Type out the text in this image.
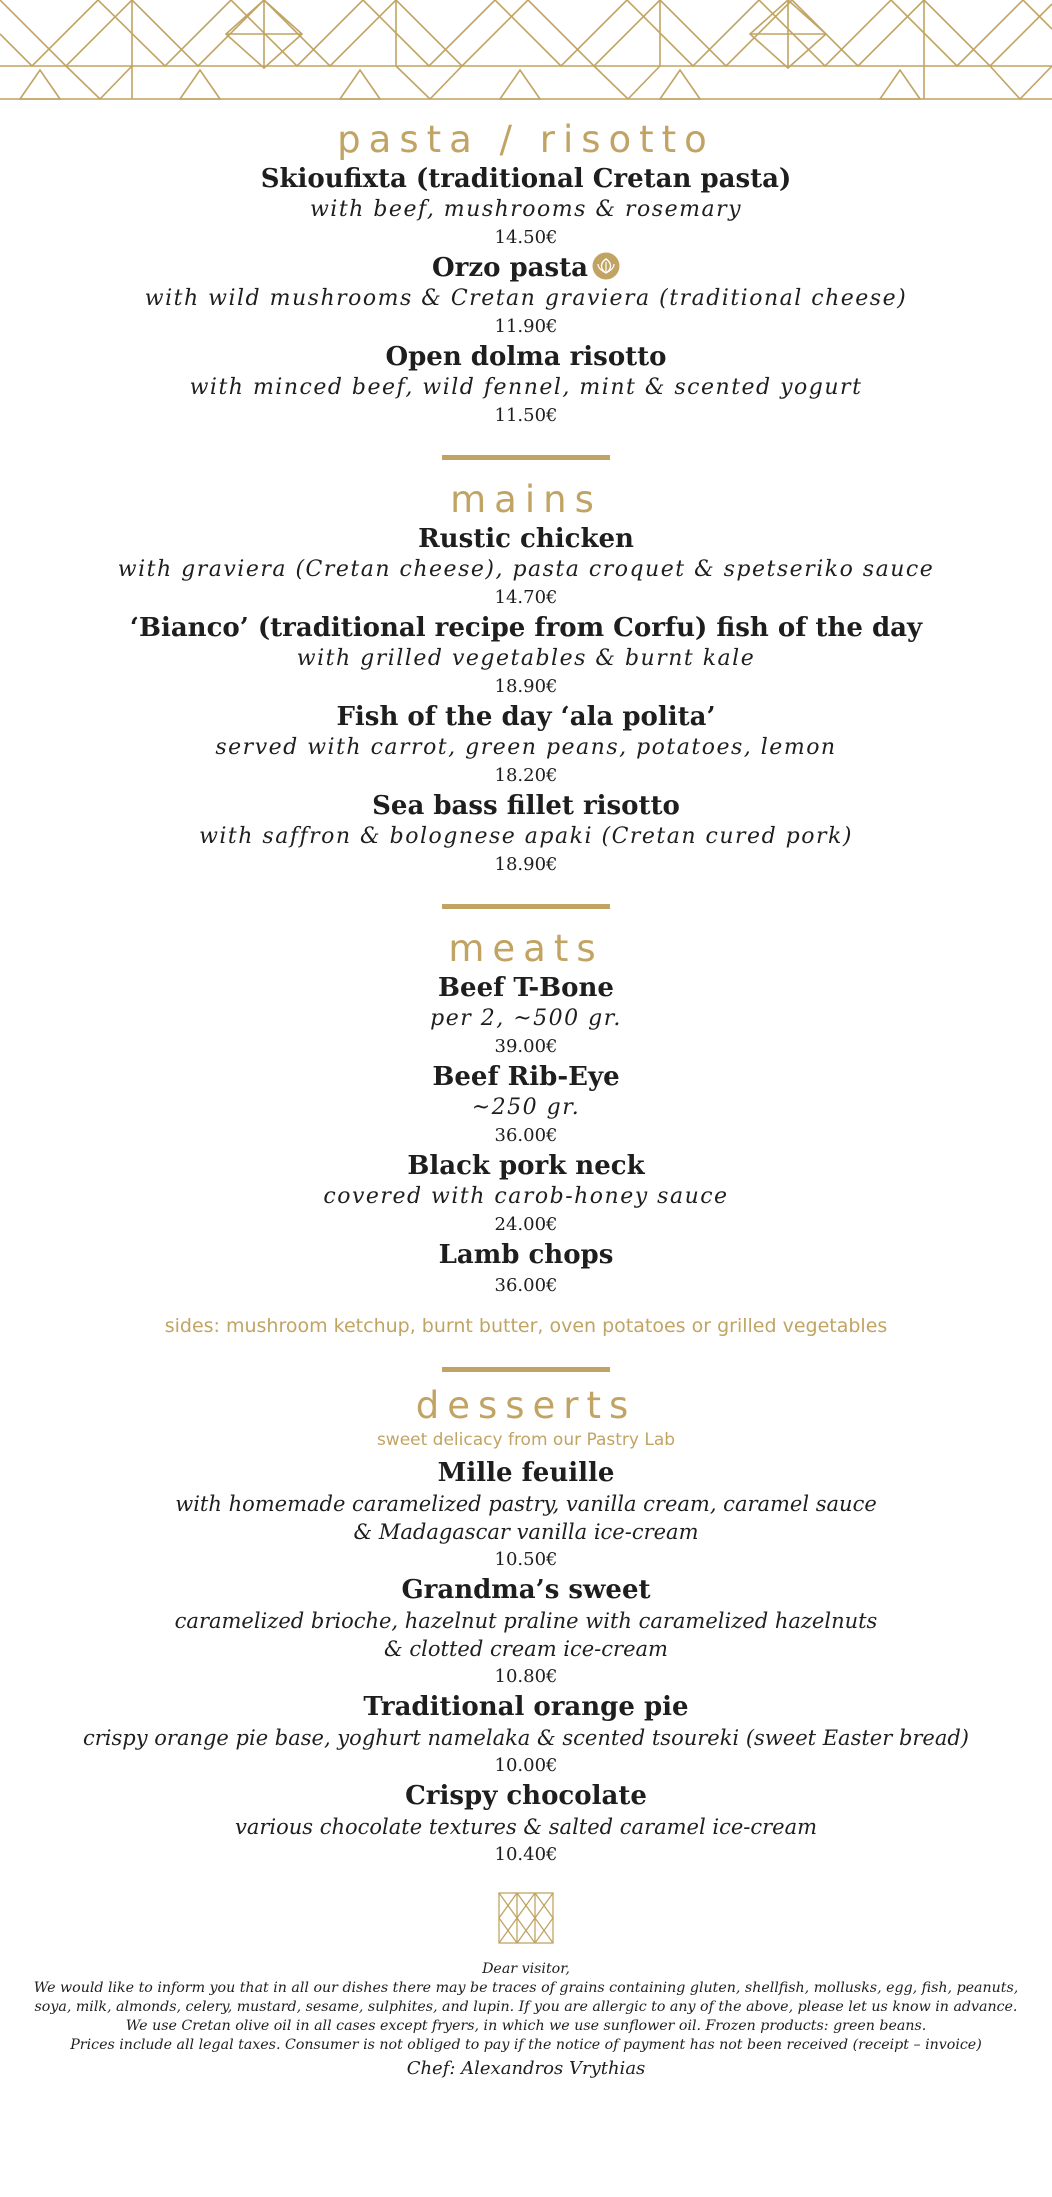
pasta / risotto

Skioufixta (traditional Cretan pasta)

with beef, mushrooms & rosemary

14.50€

Orzo pasta

with wild mushrooms & Cretan graviera (traditional cheese)

11.90€

Open dolma risotto

with minced beef, wild fennel, mint & scented yogurt

11.50€

mains

Rustic chicken

with graviera (Cretan cheese), pasta croquet & spetseriko sauce

14.70€

‘Bianco’ (traditional recipe from Corfu) fish of the day

with grilled vegetables & burnt kale

18.90€

Fish of the day ‘ala polita’

served with carrot, green peans, potatoes, lemon

18.20€

Sea bass fillet risotto

with saffron & bolognese apaki (Cretan cured pork)

18.90€

meats

Beef T-Bone

per 2, ~500 gr.

39.00€

Beef Rib-Eye

~250 gr.

36.00€

Black pork neck

covered with carob-honey sauce

24.00€

Lamb chops

36.00€

sides: mushroom ketchup, burnt butter, oven potatoes or grilled vegetables

desserts

sweet delicacy from our Pastry Lab

Mille feuille

with homemade caramelized pastry, vanilla cream, caramel sauce

& Madagascar vanilla ice-cream

10.50€

Grandma’s sweet

caramelized brioche, hazelnut praline with caramelized hazelnuts

& clotted cream ice-cream

10.80€

Traditional orange pie

crispy orange pie base, yoghurt namelaka & scented tsoureki (sweet Easter bread)

10.00€

Crispy chocolate

various chocolate textures & salted caramel ice-cream

10.40€

Dear visitor,

We would like to inform you that in all our dishes there may be traces of grains containing gluten, shellfish, mollusks, egg, fish, peanuts,

soya, milk, almonds, celery, mustard, sesame, sulphites, and lupin. If you are allergic to any of the above, please let us know in advance.

We use Cretan olive oil in all cases except fryers, in which we use sunflower oil. Frozen products: green beans.

Prices include all legal taxes. Consumer is not obliged to pay if the notice of payment has not been received (receipt – invoice)

Chef: Alexandros Vrythias
